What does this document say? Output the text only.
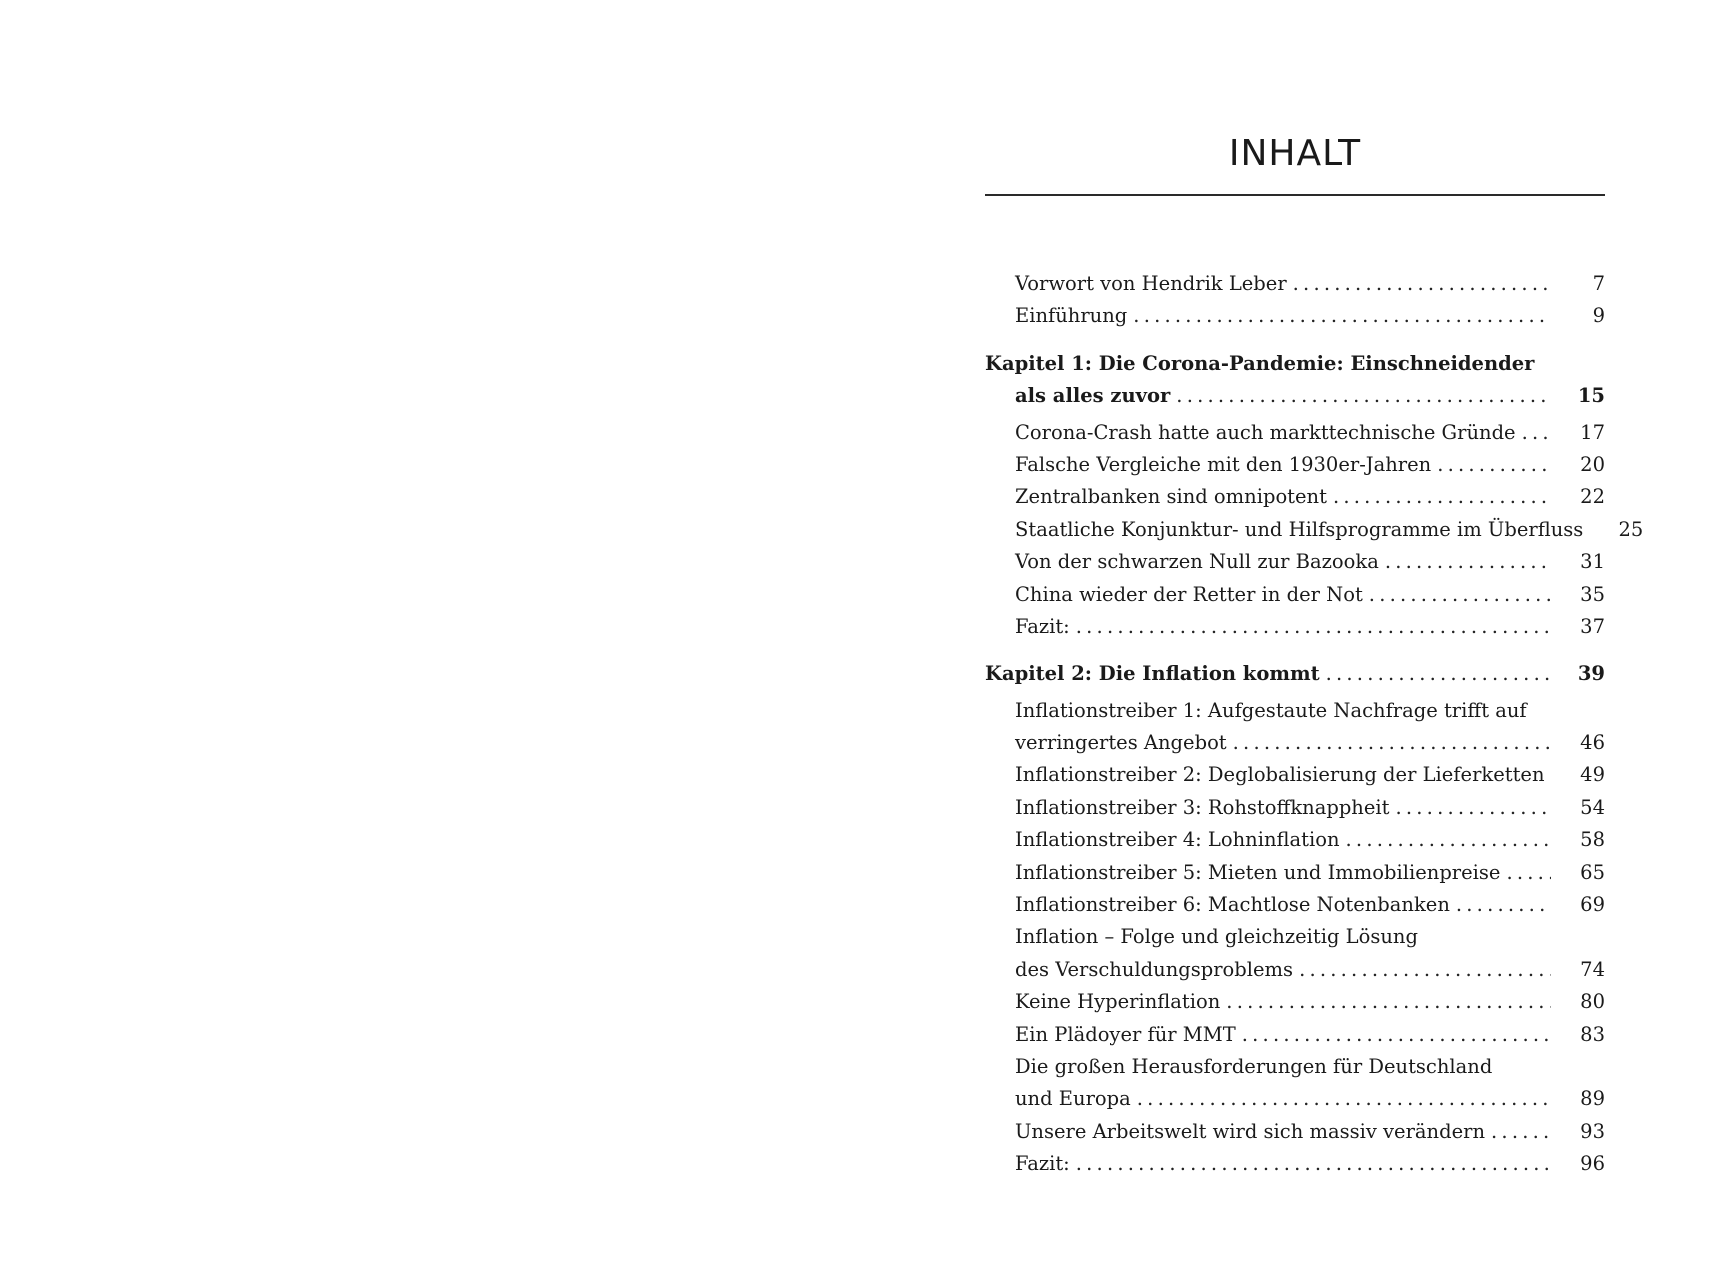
INHALT
Vorwort von Hendrik Leber .....	7
Einführung .....	9
Kapitel 1: Die Corona-Pandemie: Einschneidender
als alles zuvor .....	15
Corona-Crash hatte auch markttechnische Gründe .....	17
Falsche Vergleiche mit den 1930er-Jahren .....	20
Zentralbanken sind omnipotent .....	22
Staatliche Konjunktur- und Hilfsprogramme im Überfluss	25
Von der schwarzen Null zur Bazooka .....	31
China wieder der Retter in der Not .....	35
Fazit: .....	37
Kapitel 2: Die Inflation kommt .....	39
Inflationstreiber 1: Aufgestaute Nachfrage trifft auf
verringertes Angebot .....	46
Inflationstreiber 2: Deglobalisierung der Lieferketten .....	49
Inflationstreiber 3: Rohstoffknappheit .....	54
Inflationstreiber 4: Lohninflation .....	58
Inflationstreiber 5: Mieten und Immobilienpreise .....	65
Inflationstreiber 6: Machtlose Notenbanken .....	69
Inflation – Folge und gleichzeitig Lösung
des Verschuldungsproblems .....	74
Keine Hyperinflation .....	80
Ein Plädoyer für MMT .....	83
Die großen Herausforderungen für Deutschland
und Europa .....	89
Unsere Arbeitswelt wird sich massiv verändern .....	93
Fazit: .....	96
